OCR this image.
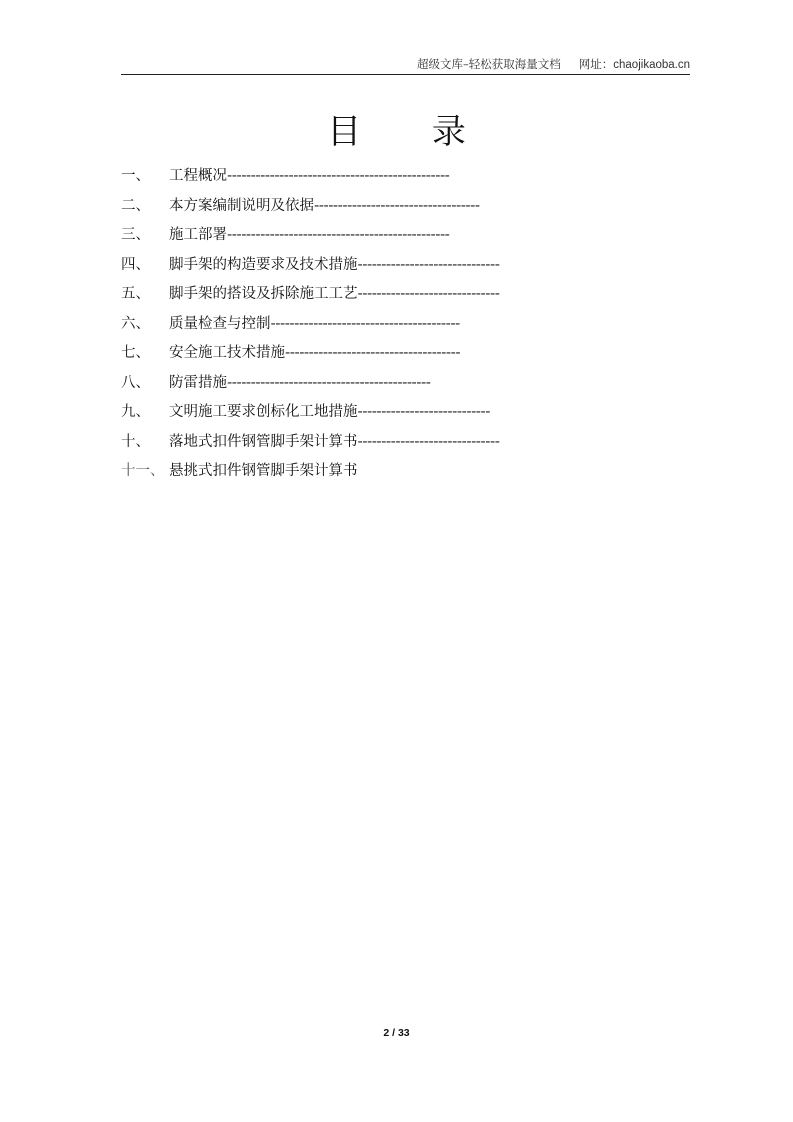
超级文库–轻松获取海量文档 网址：chaojikaoba.cn
目 录
一、 工程概况-----------------------------------------------
二、 本方案编制说明及依据-----------------------------------
三、 施工部署-----------------------------------------------
四、 脚手架的构造要求及技术措施------------------------------
五、 脚手架的搭设及拆除施工工艺------------------------------
六、 质量检查与控制----------------------------------------
七、 安全施工技术措施-------------------------------------
八、 防雷措施-------------------------------------------
九、 文明施工要求创标化工地措施----------------------------
十、 落地式扣件钢管脚手架计算书------------------------------
十一、 悬挑式扣件钢管脚手架计算书
2 / 33
